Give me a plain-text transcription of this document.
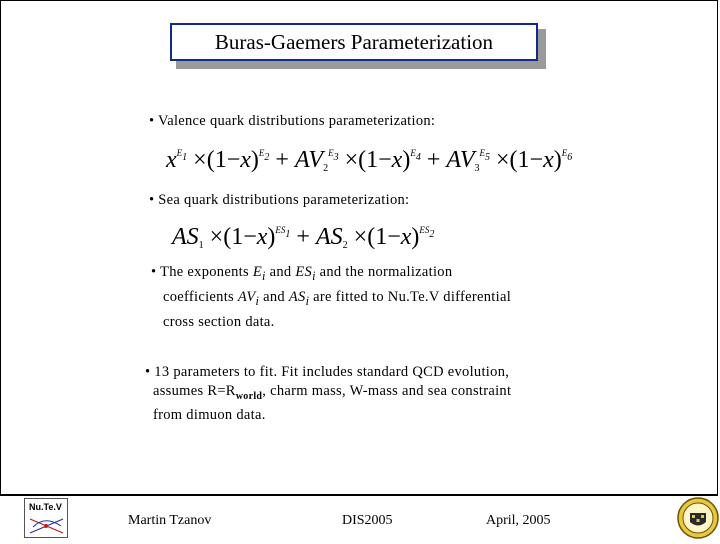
Buras-Gaemers Parameterization
• Valence quark distributions parameterization:
$x^{E_1} \times(1-x)^{E_2} + AV_2^{E_3} \times(1-x)^{E_4} + AV_3^{E_5} \times(1-x)^{E_6}$
• Sea quark distributions parameterization:
$AS_1 \times(1-x)^{ES_1} + AS_2 \times(1-x)^{ES_2}$
• The exponents $E_i$ and $ES_i$ and the normalization
coefficients $AV_i$ and $AS_i$ are fitted to Nu.Te.V differential
cross section data.
• 13 parameters to fit. Fit includes standard QCD evolution,
assumes $R=R_{world}$, charm mass, W-mass and sea constraint
from dimuon data.
Nu.Te.V
Martin Tzanov	DIS2005	April, 2005
